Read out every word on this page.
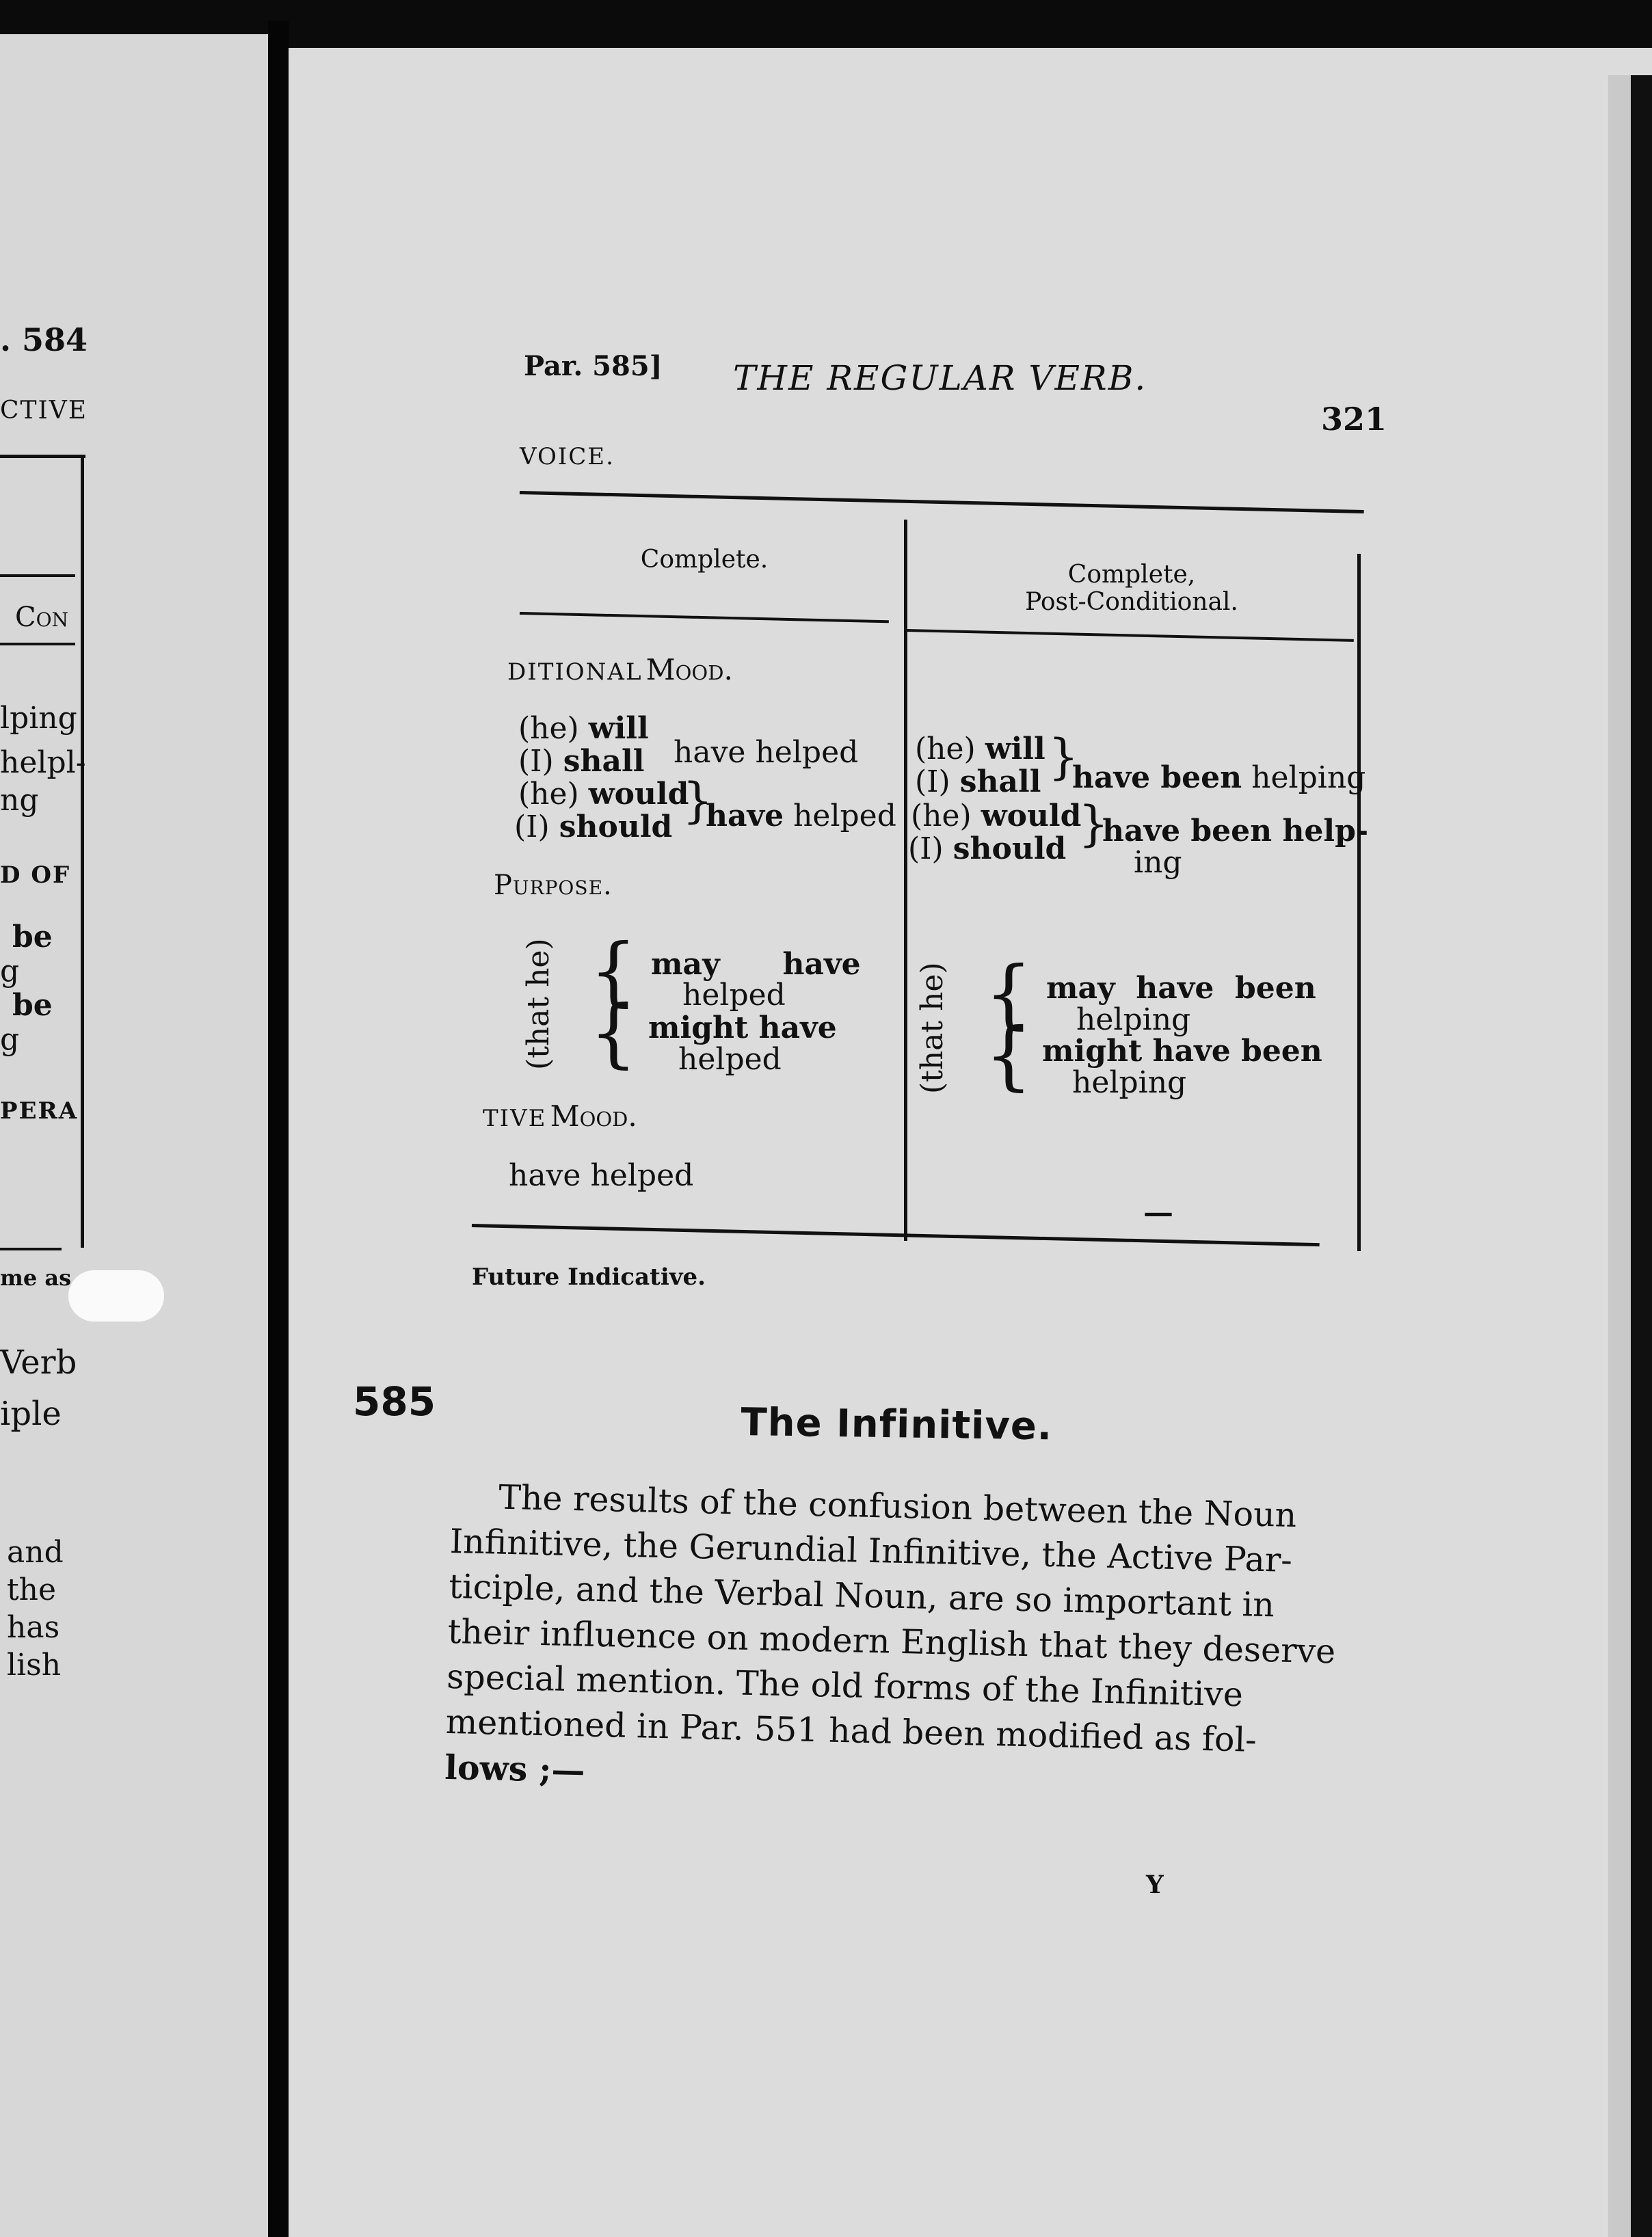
. 584
CTIVE
Con
lping
helpl-
ng
D OF
be
g
be
g
PERA
me as
Verb
iple
and
the
has
lish
Par. 585] THE REGULAR VERB.
321
VOICE.
Complete.
Complete,
Post-Conditional.
DITIONAL Mood.
(he) will
(I) shall have helped
(he) would
(I) should }
have helped
(he) will
(I) shall }
have been helping
(he) would
(I) should }
have been help-
ing
Purpose.
(that he) {
{
may      have
helped
might have
helped	(that he) {
{
may  have  been
helping
might have been
helping
TIVE Mood.
have helped
—
Future Indicative.
585	The Infinitive.
The results of the confusion between the Noun
Infinitive, the Gerundial Infinitive, the Active Par-
ticiple, and the Verbal Noun, are so important in
their influence on modern English that they deserve
special mention. The old forms of the Infinitive
mentioned in Par. 551 had been modified as fol-
lows ;—
Y
